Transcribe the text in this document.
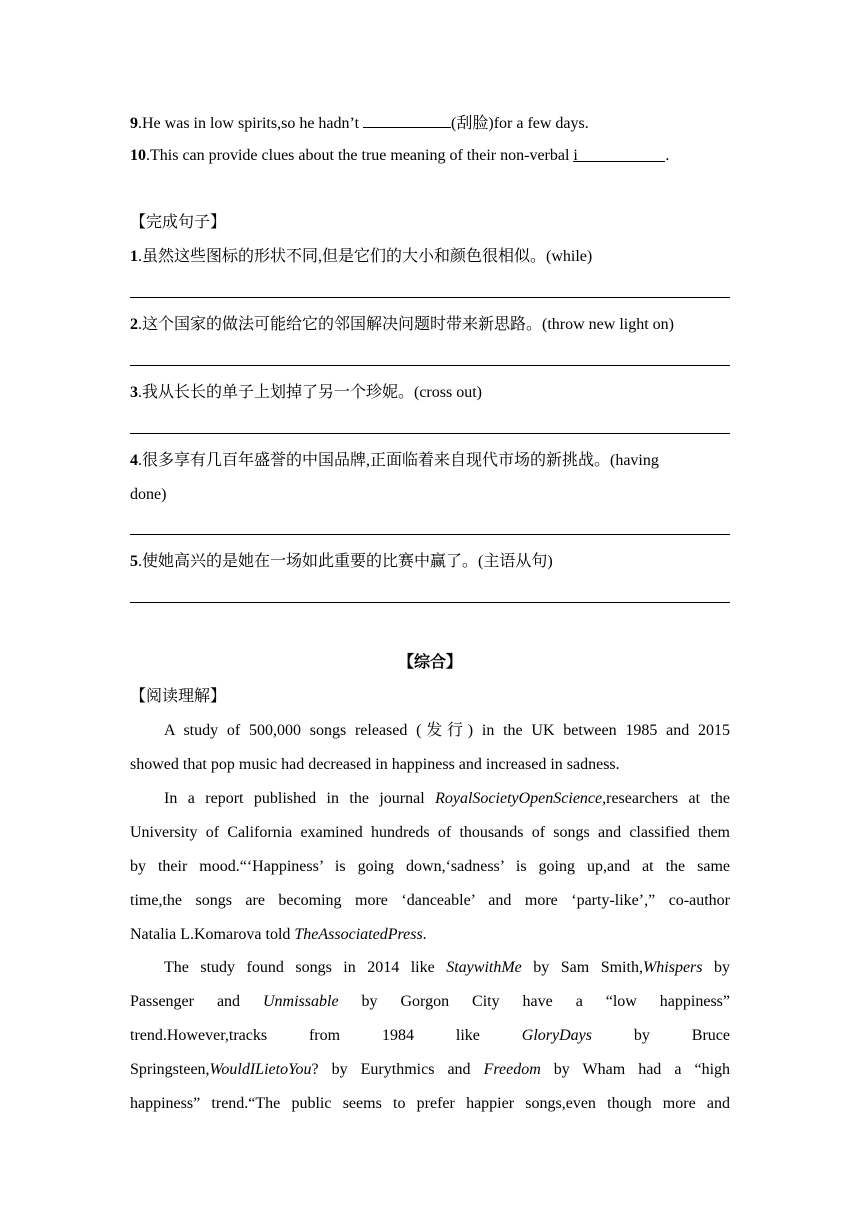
9.He was in low spirits,so he hadn’t	(刮脸)for a few days.
10.This can provide clues about the true meaning of their non-verbal i	.
【完成句子】
1.虽然这些图标的形状不同,但是它们的大小和颜色很相似。(while)
2.这个国家的做法可能给它的邻国解决问题时带来新思路。(throw new light on)
3.我从长长的单子上划掉了另一个珍妮。(cross out)
4.很多享有几百年盛誉的中国品牌,正面临着来自现代市场的新挑战。(having
done)
5.使她高兴的是她在一场如此重要的比赛中赢了。(主语从句)
【综合】
【阅读理解】
A study of 500,000 songs released (发行) in the UK between 1985 and 2015
showed that pop music had decreased in happiness and increased in sadness.
In a report published in the journal RoyalSocietyOpenScience,researchers at the
University of California examined hundreds of thousands of songs and classified them
by their mood.“‘Happiness’ is going down,‘sadness’ is going up,and at the same
time,the songs are becoming more ‘danceable’ and more ‘party-like’,” co-author
Natalia L.Komarova told TheAssociatedPress.
The study found songs in 2014 like StaywithMe by Sam Smith,Whispers by
Passenger and Unmissable by Gorgon City have a “low happiness”
trend.However,tracks from 1984 like GloryDays by Bruce
Springsteen,WouldILietoYou? by Eurythmics and Freedom by Wham had a “high
happiness” trend.“The public seems to prefer happier songs,even though more and
